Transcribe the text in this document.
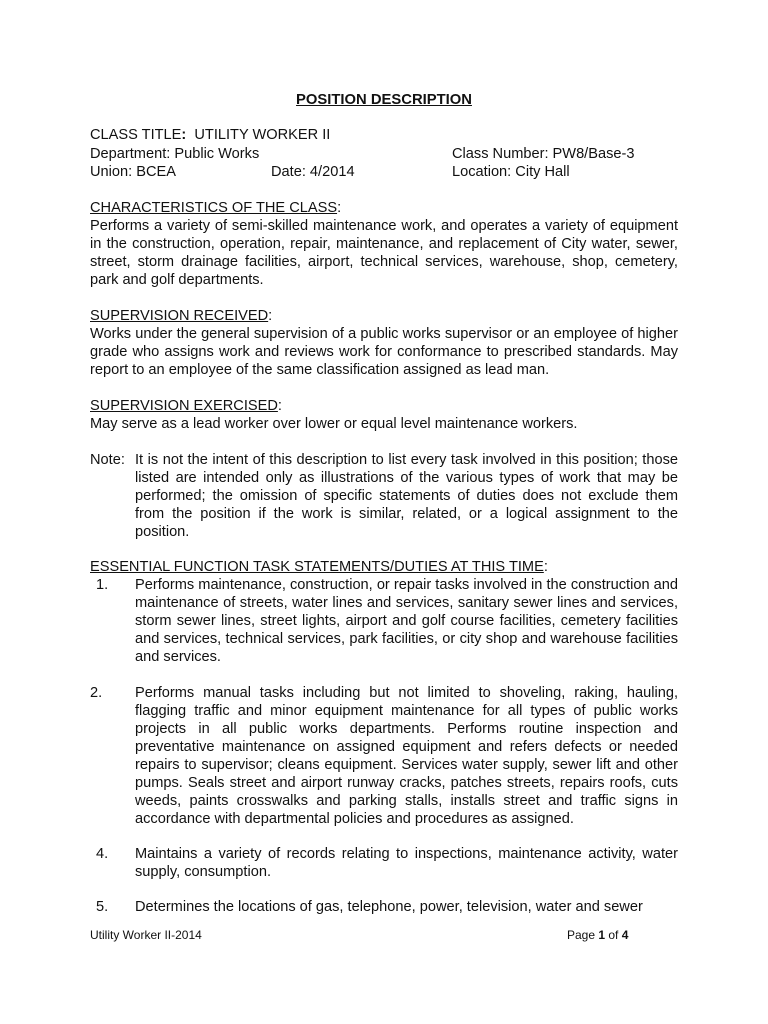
POSITION DESCRIPTION
CLASS TITLE: UTILITY WORKER II
Department: Public Works	Class Number: PW8/Base-3
Union: BCEA	Date: 4/2014	Location: City Hall
CHARACTERISTICS OF THE CLASS:
Performs a variety of semi-skilled maintenance work, and operates a variety of equipment in the construction, operation, repair, maintenance, and replacement of City water, sewer, street, storm drainage facilities, airport, technical services, warehouse, shop, cemetery, park and golf departments.
SUPERVISION RECEIVED:
Works under the general supervision of a public works supervisor or an employee of higher grade who assigns work and reviews work for conformance to prescribed standards. May report to an employee of the same classification assigned as lead man.
SUPERVISION EXERCISED:
May serve as a lead worker over lower or equal level maintenance workers.
Note: It is not the intent of this description to list every task involved in this position; those listed are intended only as illustrations of the various types of work that may be performed; the omission of specific statements of duties does not exclude them from the position if the work is similar, related, or a logical assignment to the position.
ESSENTIAL FUNCTION TASK STATEMENTS/DUTIES AT THIS TIME:
1. Performs maintenance, construction, or repair tasks involved in the construction and maintenance of streets, water lines and services, sanitary sewer lines and services, storm sewer lines, street lights, airport and golf course facilities, cemetery facilities and services, technical services, park facilities, or city shop and warehouse facilities and services.
2. Performs manual tasks including but not limited to shoveling, raking, hauling, flagging traffic and minor equipment maintenance for all types of public works projects in all public works departments. Performs routine inspection and preventative maintenance on assigned equipment and refers defects or needed repairs to supervisor; cleans equipment. Services water supply, sewer lift and other pumps. Seals street and airport runway cracks, patches streets, repairs roofs, cuts weeds, paints crosswalks and parking stalls, installs street and traffic signs in accordance with departmental policies and procedures as assigned.
4. Maintains a variety of records relating to inspections, maintenance activity, water supply, consumption.
5. Determines the locations of gas, telephone, power, television, water and sewer
Utility Worker II-2014	Page 1 of 4
